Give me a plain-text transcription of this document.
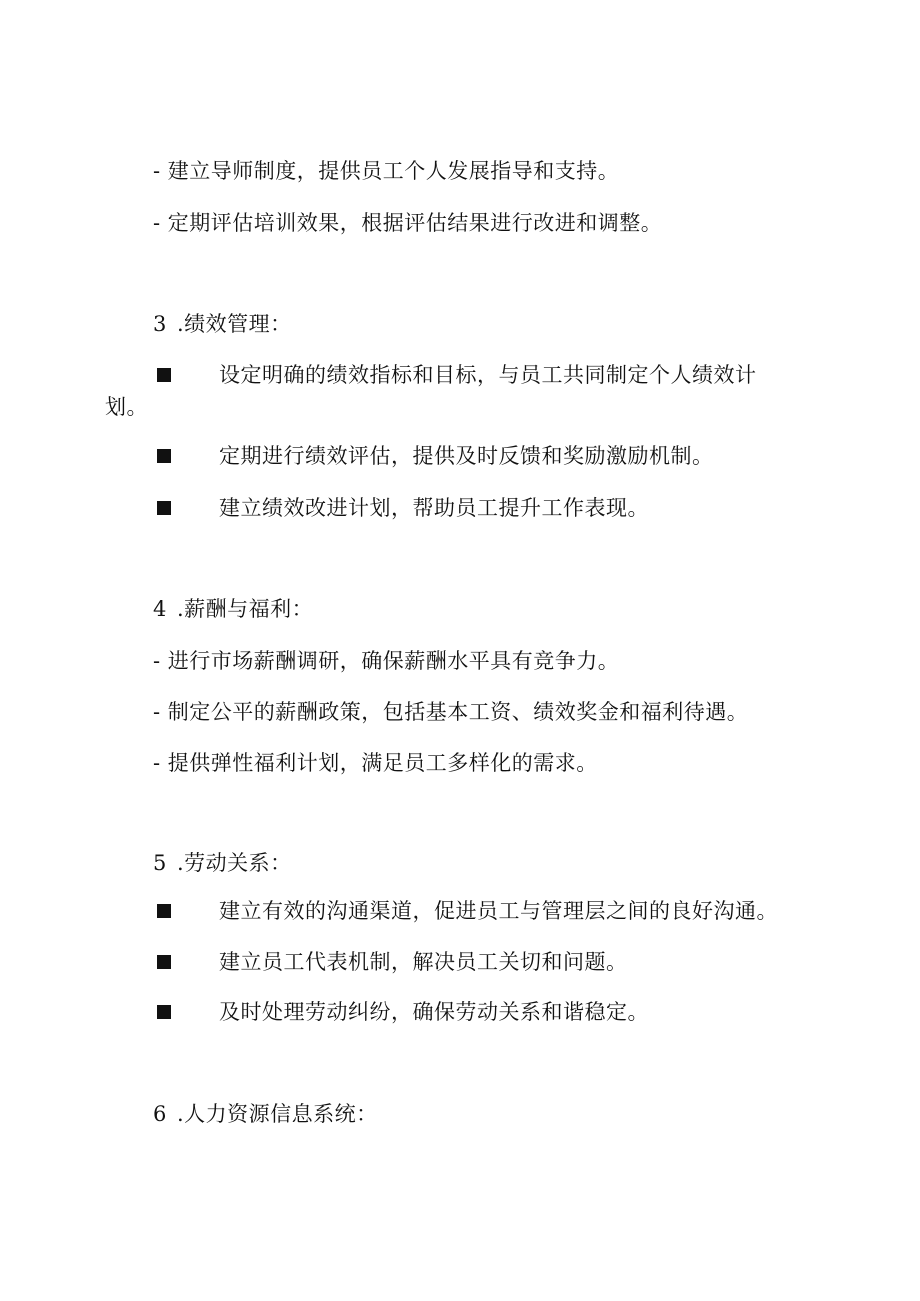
- 建立导师制度，提供员工个人发展指导和支持。
- 定期评估培训效果，根据评估结果进行改进和调整。
3 .绩效管理：
设定明确的绩效指标和目标，与员工共同制定个人绩效计
划。
定期进行绩效评估，提供及时反馈和奖励激励机制。
建立绩效改进计划，帮助员工提升工作表现。
4 .薪酬与福利：
- 进行市场薪酬调研，确保薪酬水平具有竞争力。
- 制定公平的薪酬政策，包括基本工资、绩效奖金和福利待遇。
- 提供弹性福利计划，满足员工多样化的需求。
5 .劳动关系：
建立有效的沟通渠道，促进员工与管理层之间的良好沟通。
建立员工代表机制，解决员工关切和问题。
及时处理劳动纠纷，确保劳动关系和谐稳定。
6 .人力资源信息系统：
